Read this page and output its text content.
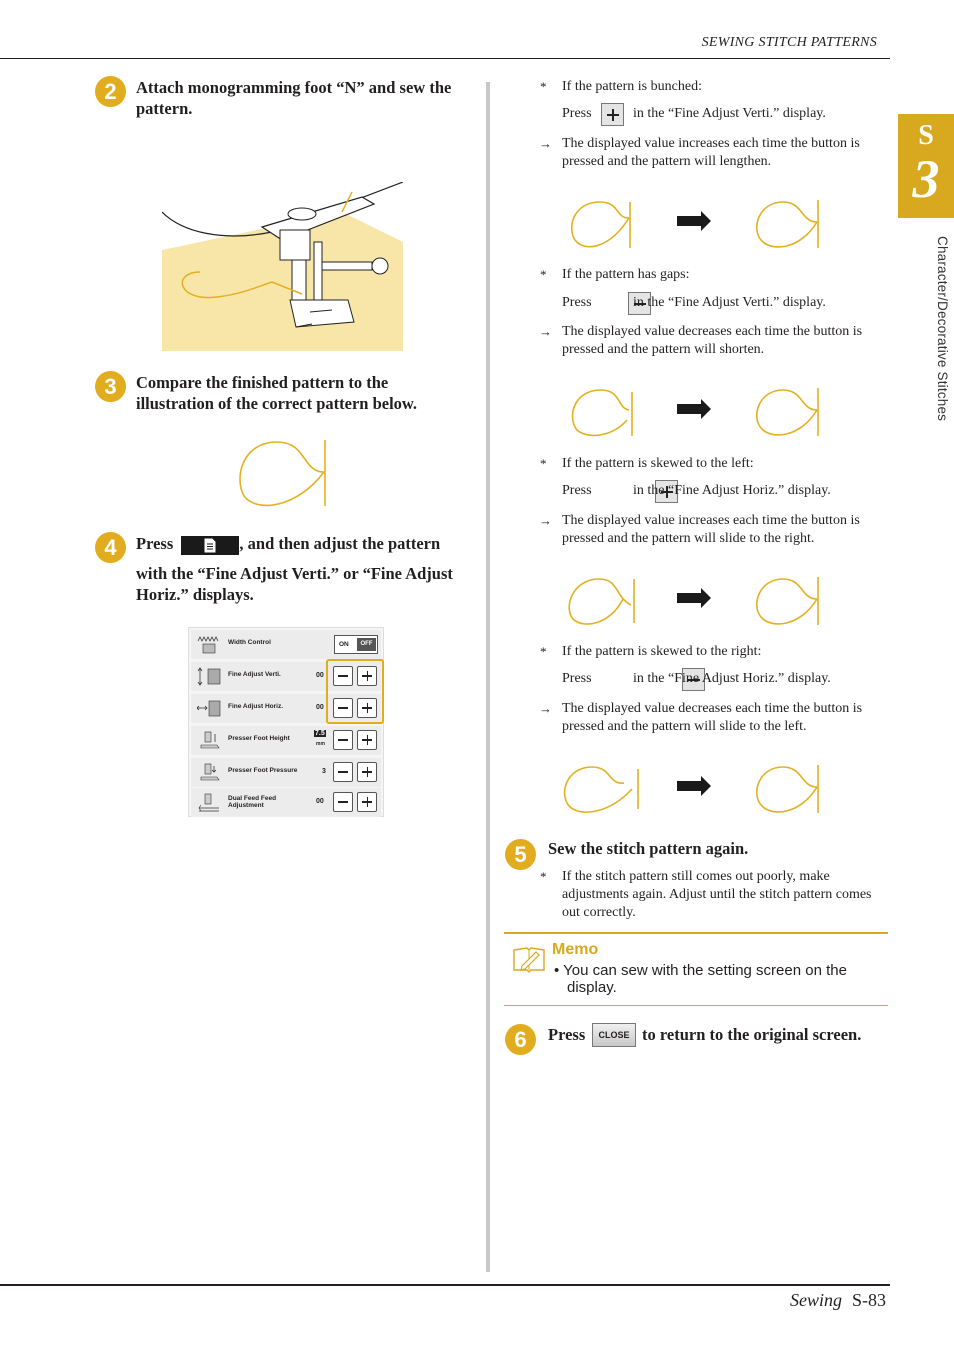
SEWING STITCH PATTERNS
S
3
Character/Decorative Stitches
2	Attach monogramming foot “N” and sew the pattern.
3	Compare the finished pattern to the illustration of the correct pattern below.
4	Press	, and then adjust the pattern
with the “Fine Adjust Verti.” or “Fine Adjust Horiz.” displays.
Width Control	ON	OFF
Fine Adjust Verti.	00
Fine Adjust Horiz.	00
Presser Foot Height
7.5
mm
Presser Foot Pressure	3
Dual Feed Feed Adjustment	00
* If the pattern is bunched:
Press
	in the “Fine Adjust Verti.” display.
→ The displayed value increases each time the button is pressed and the pattern will lengthen.
* If the pattern has gaps:
Press
	in the “Fine Adjust Verti.” display.
→ The displayed value decreases each time the button is pressed and the pattern will shorten.
* If the pattern is skewed to the left:
Press
	in the “Fine Adjust Horiz.” display.
→ The displayed value increases each time the button is pressed and the pattern will slide to the right.
* If the pattern is skewed to the right:
Press	in the “Fine Adjust Horiz.” display.
→ The displayed value decreases each time the button is pressed and the pattern will slide to the left.
5	Sew the stitch pattern again.
* If the stitch pattern still comes out poorly, make adjustments again. Adjust until the stitch pattern comes out correctly.
Memo
• You can sew with the setting screen on the display.
6	Press	CLOSE to return to the original screen.
Sewing S-83
